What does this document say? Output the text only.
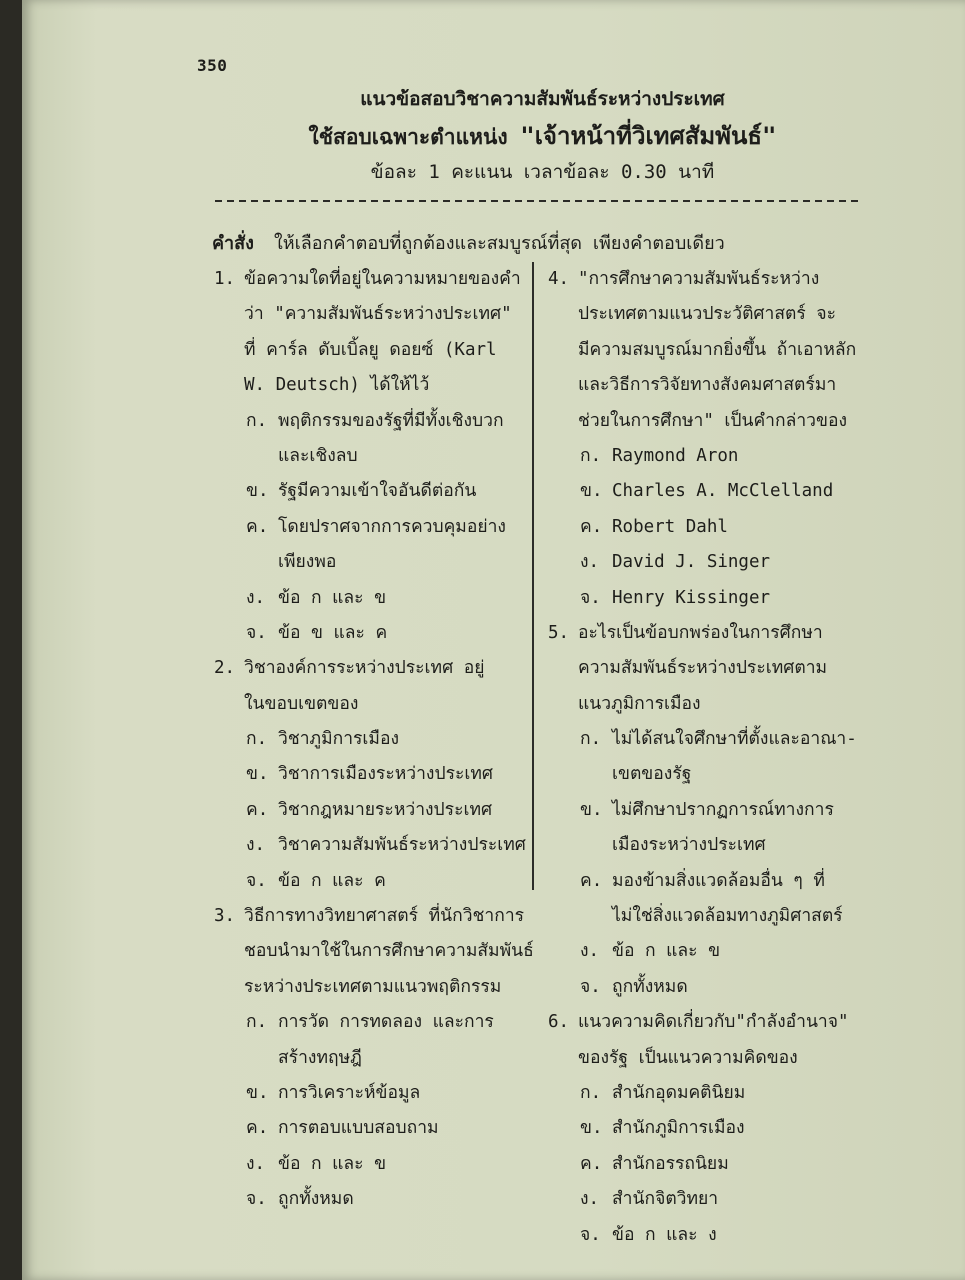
350
แนวข้อสอบวิชาความสัมพันธ์ระหว่างประเทศ
ใช้สอบเฉพาะตำแหน่ง "เจ้าหน้าที่วิเทศสัมพันธ์"
ข้อละ 1 คะแนน เวลาข้อละ 0.30 นาที
คำสั่ง ให้เลือกคำตอบที่ถูกต้องและสมบูรณ์ที่สุด เพียงคำตอบเดียว
1. ข้อความใดที่อยู่ในความหมายของคำ
ว่า "ความสัมพันธ์ระหว่างประเทศ"
ที่ คาร์ล ดับเบิ้ลยู ดอยซ์ (Karl
W. Deutsch) ได้ให้ไว้
ก. พฤติกรรมของรัฐที่มีทั้งเชิงบวก
และเชิงลบ
ข. รัฐมีความเข้าใจอันดีต่อกัน
ค. โดยปราศจากการควบคุมอย่าง
เพียงพอ
ง. ข้อ ก และ ข
จ. ข้อ ข และ ค
2. วิชาองค์การระหว่างประเทศ อยู่
ในขอบเขตของ
ก. วิชาภูมิการเมือง
ข. วิชาการเมืองระหว่างประเทศ
ค. วิชากฎหมายระหว่างประเทศ
ง. วิชาความสัมพันธ์ระหว่างประเทศ
จ. ข้อ ก และ ค
3. วิธีการทางวิทยาศาสตร์ ที่นักวิชาการ
ชอบนำมาใช้ในการศึกษาความสัมพันธ์
ระหว่างประเทศตามแนวพฤติกรรม
ก. การวัด การทดลอง และการ
สร้างทฤษฎี
ข. การวิเคราะห์ข้อมูล
ค. การตอบแบบสอบถาม
ง. ข้อ ก และ ข
จ. ถูกทั้งหมด
4. "การศึกษาความสัมพันธ์ระหว่าง
ประเทศตามแนวประวัติศาสตร์ จะ
มีความสมบูรณ์มากยิ่งขึ้น ถ้าเอาหลัก
และวิธีการวิจัยทางสังคมศาสตร์มา
ช่วยในการศึกษา" เป็นคำกล่าวของ
ก. Raymond Aron
ข. Charles A. McClelland
ค. Robert Dahl
ง. David J. Singer
จ. Henry Kissinger
5. อะไรเป็นข้อบกพร่องในการศึกษา
ความสัมพันธ์ระหว่างประเทศตาม
แนวภูมิการเมือง
ก. ไม่ได้สนใจศึกษาที่ตั้งและอาณา-
เขตของรัฐ
ข. ไม่ศึกษาปรากฏการณ์ทางการ
เมืองระหว่างประเทศ
ค. มองข้ามสิ่งแวดล้อมอื่น ๆ ที่
ไม่ใช่สิ่งแวดล้อมทางภูมิศาสตร์
ง. ข้อ ก และ ข
จ. ถูกทั้งหมด
6. แนวความคิดเกี่ยวกับ"กำลังอำนาจ"
ของรัฐ เป็นแนวความคิดของ
ก. สำนักอุดมคตินิยม
ข. สำนักภูมิการเมือง
ค. สำนักอรรถนิยม
ง. สำนักจิตวิทยา
จ. ข้อ ก และ ง
